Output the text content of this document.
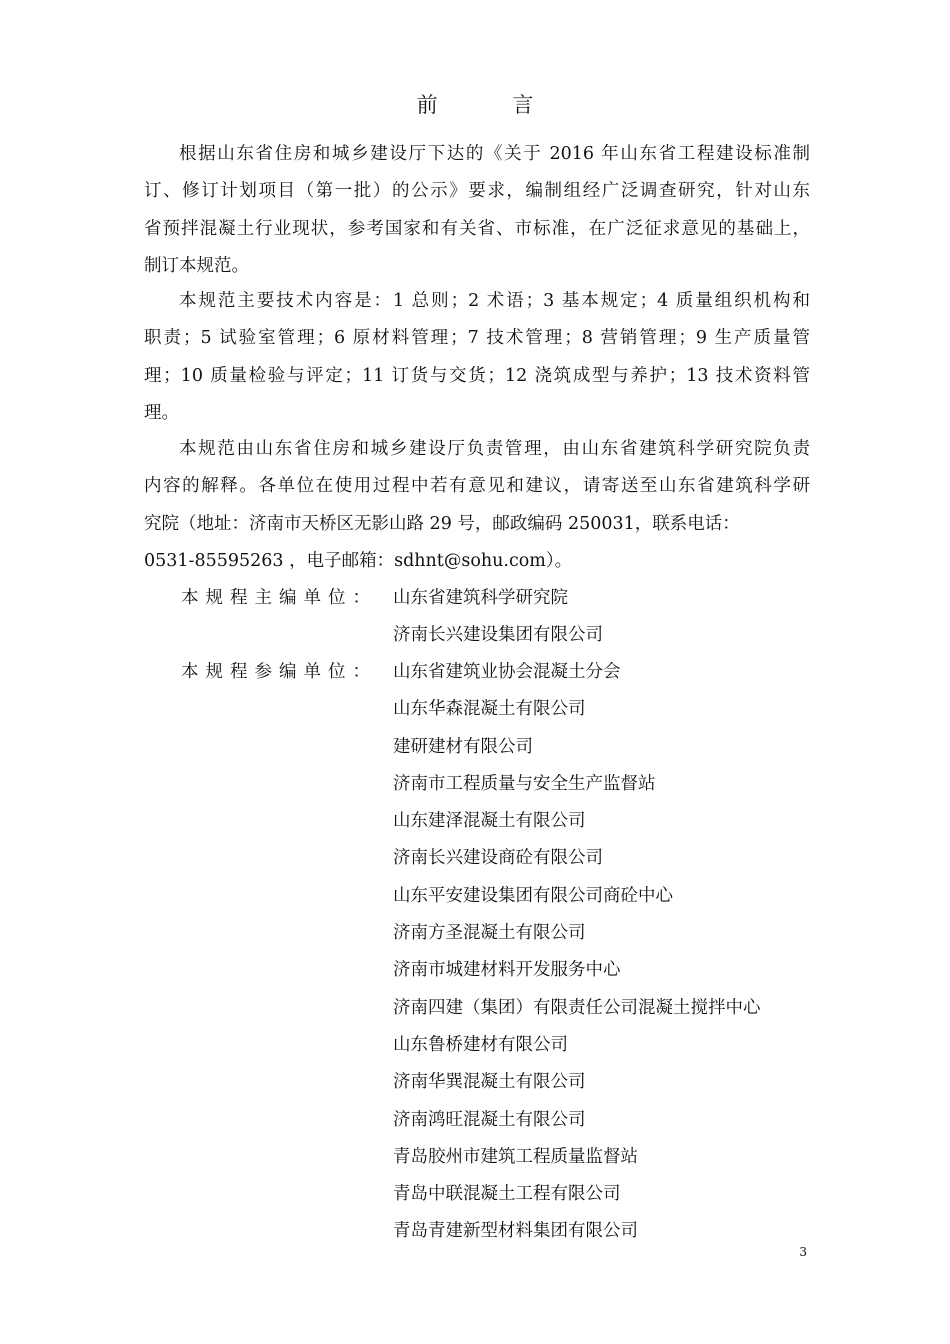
前 言
根据山东省住房和城乡建设厅下达的《关于 2016 年山东省工程建设标准制
订、修订计划项目（第一批）的公示》要求，编制组经广泛调查研究，针对山东
省预拌混凝土行业现状，参考国家和有关省、市标准，在广泛征求意见的基础上，
制订本规范。
本规范主要技术内容是：1 总则；2 术语；3 基本规定；4 质量组织机构和
职责；5 试验室管理；6 原材料管理；7 技术管理；8 营销管理；9 生产质量管
理；10 质量检验与评定；11 订货与交货；12 浇筑成型与养护；13 技术资料管
理。
本规范由山东省住房和城乡建设厅负责管理，由山东省建筑科学研究院负责
内容的解释。各单位在使用过程中若有意见和建议，请寄送至山东省建筑科学研
究院（地址：济南市天桥区无影山路 29 号，邮政编码 250031，联系电话：
0531-85595263 ，电子邮箱：sdhnt@sohu.com）。
本规程主编单位： 山东省建筑科学研究院
济南长兴建设集团有限公司
本规程参编单位： 山东省建筑业协会混凝土分会
山东华森混凝土有限公司
建研建材有限公司
济南市工程质量与安全生产监督站
山东建泽混凝土有限公司
济南长兴建设商砼有限公司
山东平安建设集团有限公司商砼中心
济南方圣混凝土有限公司
济南市城建材料开发服务中心
济南四建（集团）有限责任公司混凝土搅拌中心
山东鲁桥建材有限公司
济南华巽混凝土有限公司
济南鸿旺混凝土有限公司
青岛胶州市建筑工程质量监督站
青岛中联混凝土工程有限公司
青岛青建新型材料集团有限公司
3
